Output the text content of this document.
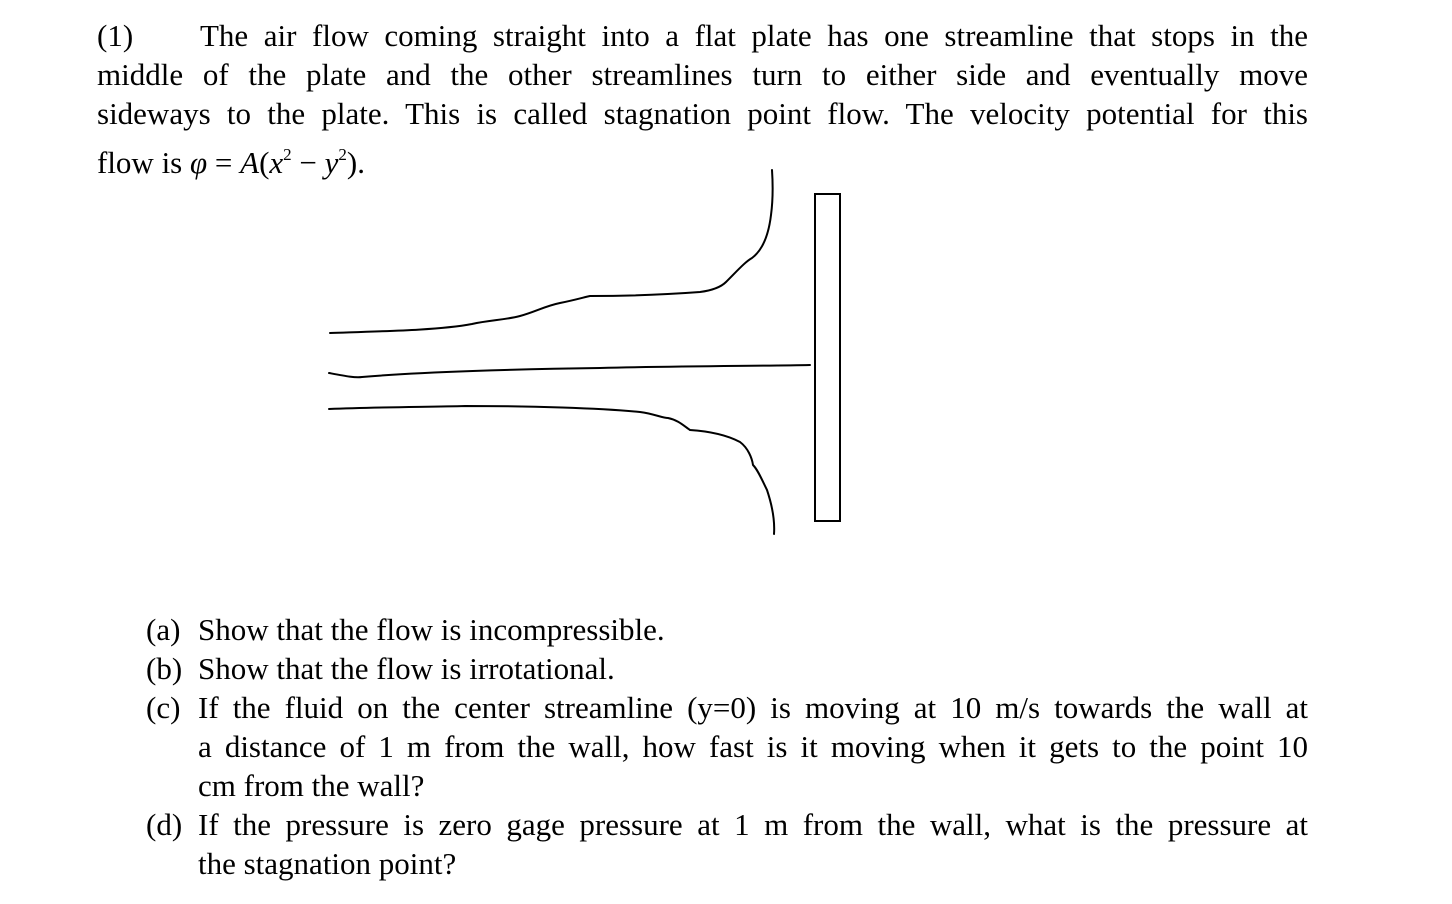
(1) The air flow coming straight into a flat plate has one streamline that stops in the
middle of the plate and the other streamlines turn to either side and eventually move
sideways to the plate. This is called stagnation point flow. The velocity potential for this
flow is $\varphi = A(x^2 - y^2)$.
(a) Show that the flow is incompressible.
(b) Show that the flow is irrotational.
(c) If the fluid on the center streamline (y=0) is moving at 10 m/s towards the wall at
a distance of 1 m from the wall, how fast is it moving when it gets to the point 10
cm from the wall?
(d) If the pressure is zero gage pressure at 1 m from the wall, what is the pressure at
the stagnation point?
